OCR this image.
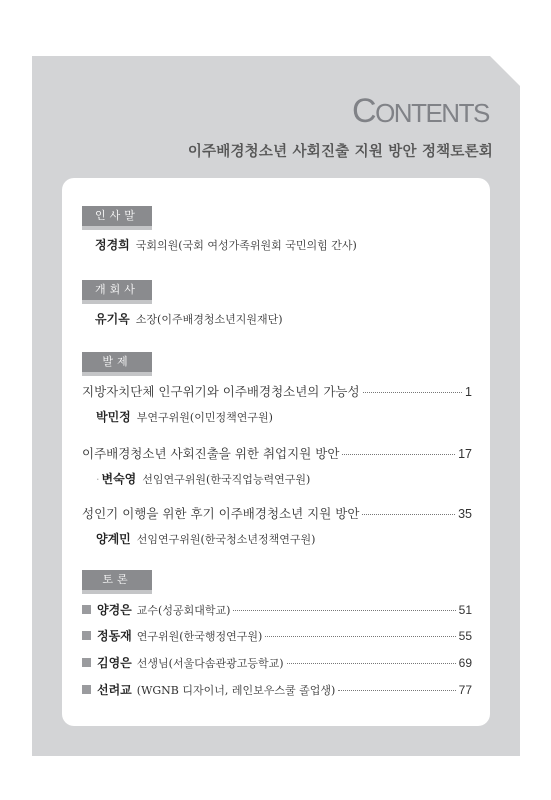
CONTENTS
이주배경청소년 사회진출 지원 방안 정책토론회
인사말
정경희 국회의원(국회 여성가족위원회 국민의힘 간사)
개회사
유기옥 소장(이주배경청소년지원재단)
발제
지방자치단체 인구위기와 이주배경청소년의 가능성	1
박민정 부연구위원(이민정책연구원)
이주배경청소년 사회진출을 위한 취업지원 방안	17
· 변숙영 선임연구위원(한국직업능력연구원)
성인기 이행을 위한 후기 이주배경청소년 지원 방안	35
양계민 선임연구위원(한국청소년정책연구원)
토론
양경은 교수(성공회대학교)	51
정동재 연구위원(한국행정연구원)	55
김영은 선생님(서울다솜관광고등학교)	69
선려교 (WGNB 디자이너, 레인보우스쿨 졸업생)	77
